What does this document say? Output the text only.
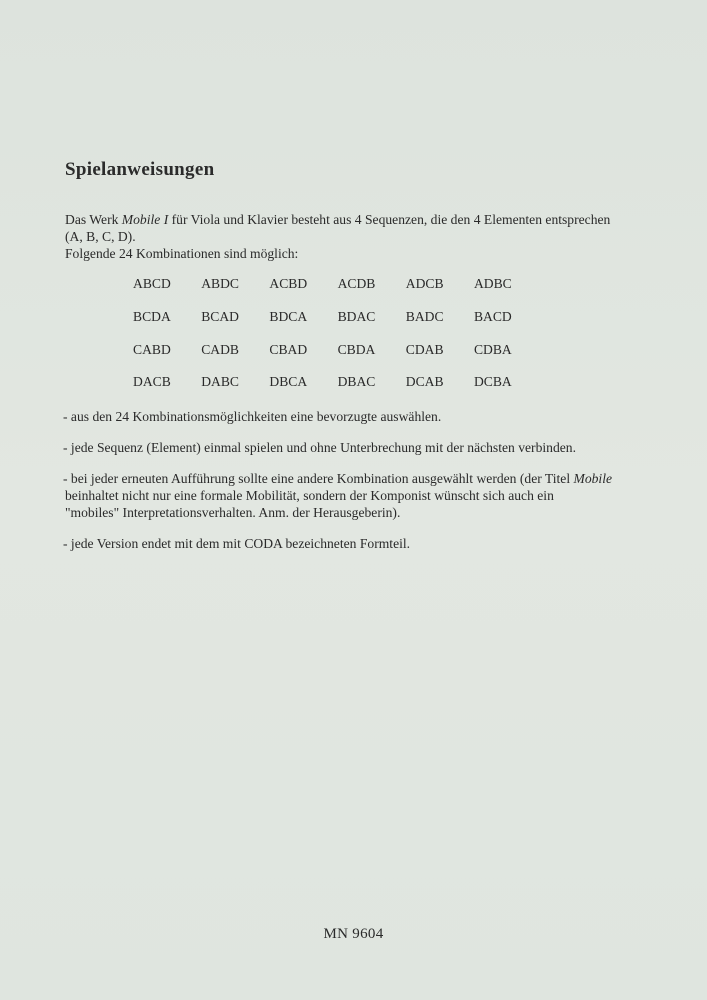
Spielanweisungen

Das Werk Mobile I für Viola und Klavier besteht aus 4 Sequenzen, die den 4 Elementen entsprechen

(A, B, C, D).

Folgende 24 Kombinationen sind möglich:

ABCD	ABDC	ACBD	ACDB	ADCB	ADBC
BCDA	BCAD	BDCA	BDAC	BADC	BACD
CABD	CADB	CBAD	CBDA	CDAB	CDBA
DACB	DABC	DBCA	DBAC	DCAB	DCBA

- aus den 24 Kombinationsmöglichkeiten eine bevorzugte auswählen.

- jede Sequenz (Element) einmal spielen und ohne Unterbrechung mit der nächsten verbinden.

- bei jeder erneuten Aufführung sollte eine andere Kombination ausgewählt werden (der Titel Mobile
beinhaltet nicht nur eine formale Mobilität, sondern der Komponist wünscht sich auch ein
"mobiles" Interpretationsverhalten. Anm. der Herausgeberin).

- jede Version endet mit dem mit CODA bezeichneten Formteil.

MN 9604
